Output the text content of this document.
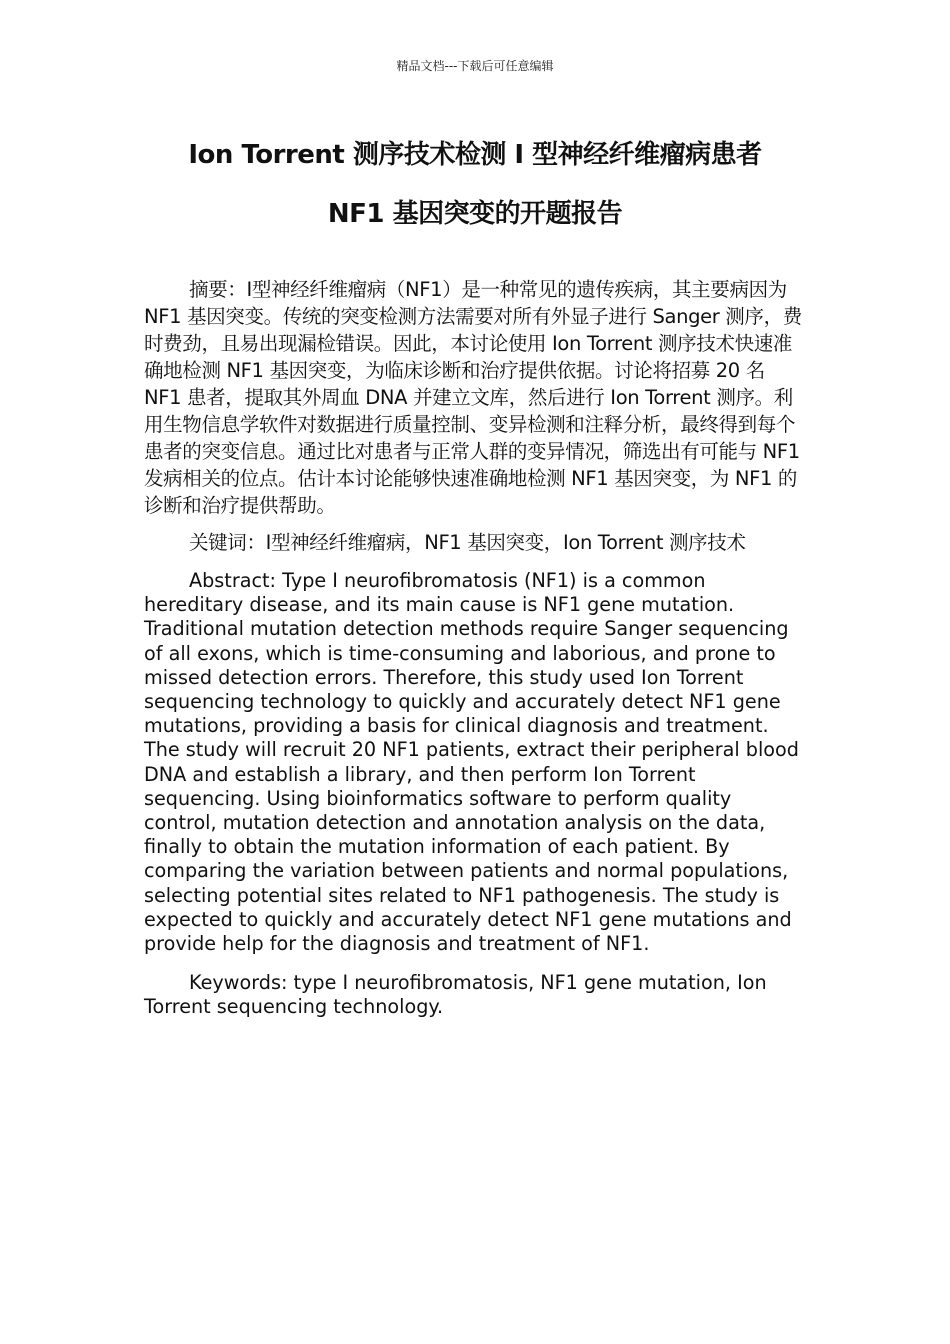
精品文档---下载后可任意编辑
Ion Torrent 测序技术检测 I 型神经纤维瘤病患者
NF1 基因突变的开题报告

摘要：Ⅰ型神经纤维瘤病（NF1）是一种常见的遗传疾病，其主要病因为 NF1 基因突变。传统的突变检测方法需要对所有外显子进行 Sanger 测序，费时费劲，且易出现漏检错误。因此，本讨论使用 Ion Torrent 测序技术快速准确地检测 NF1 基因突变，为临床诊断和治疗提供依据。讨论将招募 20 名 NF1 患者，提取其外周血 DNA 并建立文库，然后进行 Ion Torrent 测序。利用生物信息学软件对数据进行质量控制、变异检测和注释分析，最终得到每个患者的突变信息。通过比对患者与正常人群的变异情况，筛选出有可能与 NF1 发病相关的位点。估计本讨论能够快速准确地检测 NF1 基因突变，为 NF1 的诊断和治疗提供帮助。

关键词：Ⅰ型神经纤维瘤病，NF1 基因突变，Ion Torrent 测序技术

Abstract: Type I neurofibromatosis (NF1) is a common hereditary disease, and its main cause is NF1 gene mutation. Traditional mutation detection methods require Sanger sequencing of all exons, which is time-consuming and laborious, and prone to missed detection errors. Therefore, this study used Ion Torrent sequencing technology to quickly and accurately detect NF1 gene mutations, providing a basis for clinical diagnosis and treatment. The study will recruit 20 NF1 patients, extract their peripheral blood DNA and establish a library, and then perform Ion Torrent sequencing. Using bioinformatics software to perform quality control, mutation detection and annotation analysis on the data, finally to obtain the mutation information of each patient. By comparing the variation between patients and normal populations, selecting potential sites related to NF1 pathogenesis. The study is expected to quickly and accurately detect NF1 gene mutations and provide help for the diagnosis and treatment of NF1.

Keywords: type I neurofibromatosis, NF1 gene mutation, Ion Torrent sequencing technology.
